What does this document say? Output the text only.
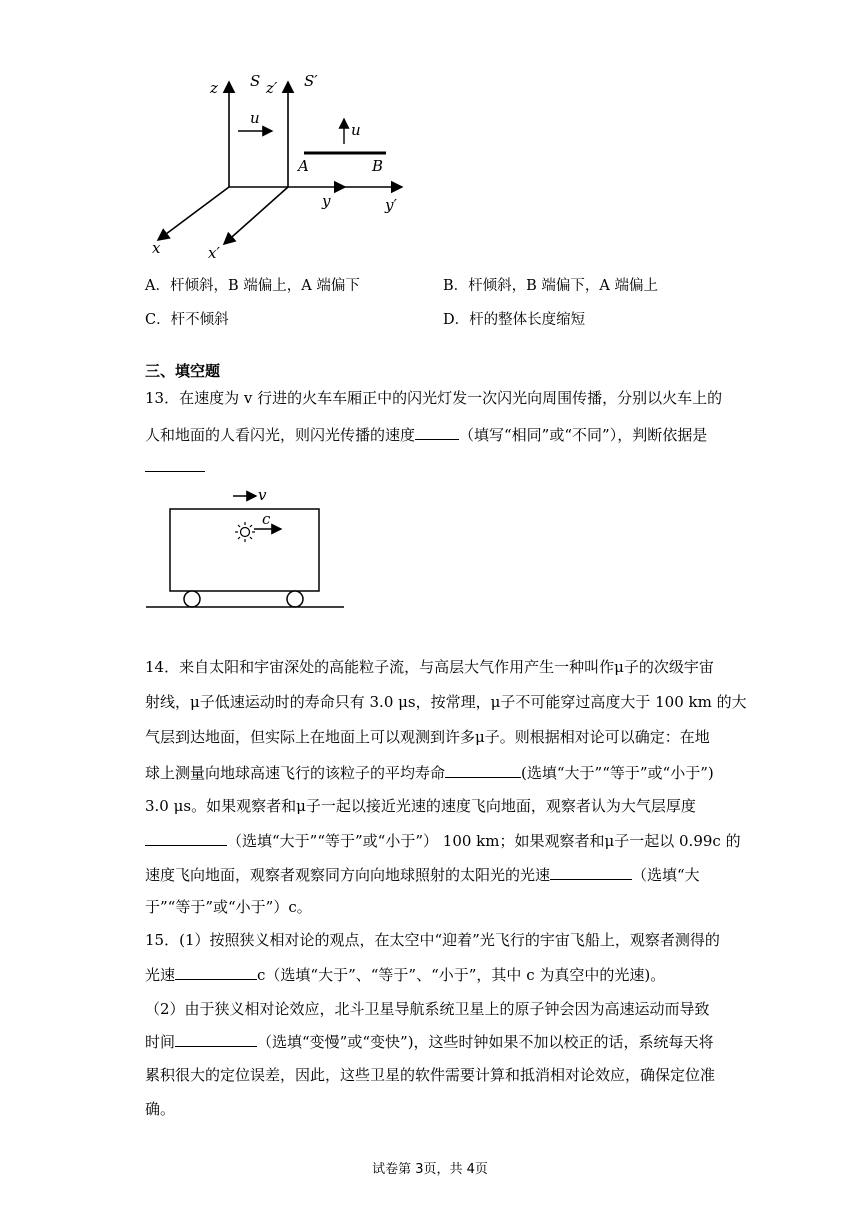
z S z′ S′
u
u
A	B
y	y′
x	x′
A．杆倾斜，B 端偏上，A 端偏下	B．杆倾斜，B 端偏下，A 端偏上
C．杆不倾斜	D．杆的整体长度缩短
三、填空题
13．在速度为 v 行进的火车车厢正中的闪光灯发一次闪光向周围传播，分别以火车上的
人和地面的人看闪光，则闪光传播的速度	（填写“相同”或“不同”），判断依据是
v
c
14．来自太阳和宇宙深处的高能粒子流，与高层大气作用产生一种叫作μ子的次级宇宙
射线，μ子低速运动时的寿命只有 3.0 μs，按常理，μ子不可能穿过高度大于 100 km 的大
气层到达地面，但实际上在地面上可以观测到许多μ子。则根据相对论可以确定：在地
球上测量向地球高速飞行的该粒子的平均寿命	(选填“大于”“等于”或“小于”)
3.0 μs。如果观察者和μ子一起以接近光速的速度飞向地面，观察者认为大气层厚度
（选填“大于”“等于”或“小于”） 100 km；如果观察者和μ子一起以 0.99c 的
速度飞向地面，观察者观察同方向向地球照射的太阳光的光速	（选填“大
于”“等于”或“小于”）c。
15．(1）按照狭义相对论的观点，在太空中“迎着”光飞行的宇宙飞船上，观察者测得的
光速	c（选填“大于”、“等于”、“小于”，其中 c 为真空中的光速)。
（2）由于狭义相对论效应，北斗卫星导航系统卫星上的原子钟会因为高速运动而导致
时间	（选填“变慢”或“变快”)，这些时钟如果不加以校正的话，系统每天将
累积很大的定位误差，因此，这些卫星的软件需要计算和抵消相对论效应，确保定位准
确。
试卷第 3页，共 4页
